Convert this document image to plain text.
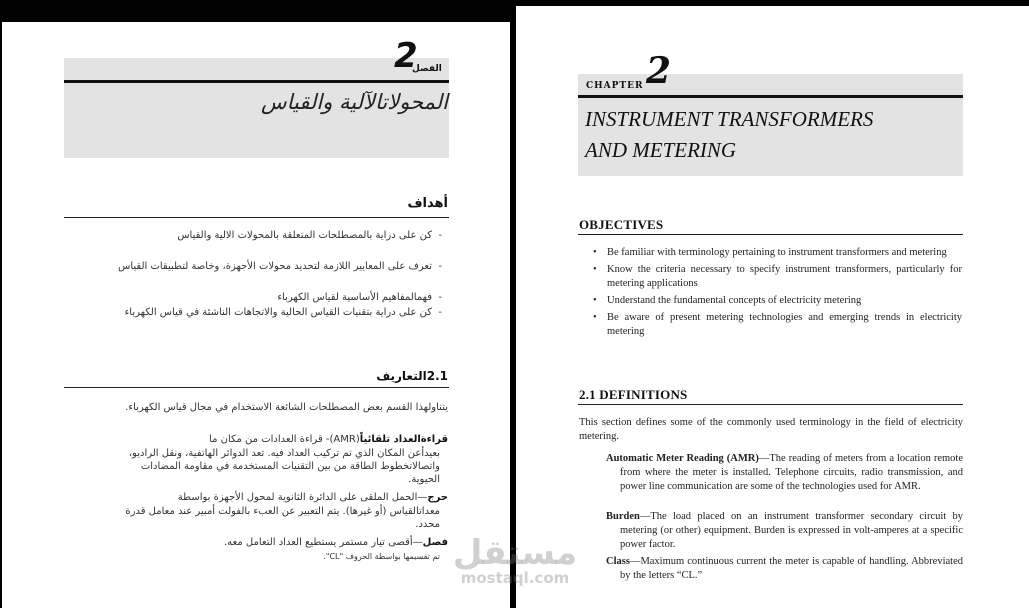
2
الفصل
المحولاتالآلية والقياس
أهداف
كن على دراية بالمصطلحات المتعلقة بالمحولات الالية والقياس -
تعرف على المعايير اللازمة لتحديد محولات الأجهزة، وخاصة لتطبيقات القياس -
فهمالمفاهيم الأساسية لقياس الكهرباء -
كن على دراية بتقنيات القياس الحالية والاتجاهات الناشئة في قياس الكهرباء -
2.1التعاريف
يتناولهذا القسم بعض المصطلحات الشائعة الاستخدام في مجال قياس الكهرباء.
قراءةالعداد تلقائياً(AMR)- قراءة العدادات من مكان ما
بعيدأعن المكان الذي تم تركيب العداد فيه. تعد الدوائر الهاتفية، ونقل الراديو،
واتصالاتخطوط الطاقة من بين التقنيات المستخدمة في مقاومة المضادات
الحيوية.
حرج—الحمل الملقى على الدائرة الثانوية لمحول الأجهزة بواسطة
معداتالقياس (أو غيرها). يتم التعبير عن العبء بالفولت أمبير عند معامل قدرة
محدد.
فصل—أقصى تيار مستمر يستطيع العداد التعامل معه.
تم تقسيمها بواسطة الحروف "CL".
CHAPTER 2
INSTRUMENT TRANSFORMERS
AND METERING
OBJECTIVES
• Be familiar with terminology pertaining to instrument transformers and metering
• Know the criteria necessary to specify instrument transformers, particularly for metering applications
• Understand the fundamental concepts of electricity metering
• Be aware of present metering technologies and emerging trends in electricity metering
2.1 DEFINITIONS
This section defines some of the commonly used terminology in the field of electricity metering.
Automatic Meter Reading (AMR)—The reading of meters from a location remote from where the meter is installed. Telephone circuits, radio transmission, and power line communication are some of the technologies used for AMR.
Burden—The load placed on an instrument transformer secondary circuit by metering (or other) equipment. Burden is expressed in volt-amperes at a specific power factor.
Class—Maximum continuous current the meter is capable of handling. Abbreviated by the letters “CL.”
مستقل
mostaql.com
